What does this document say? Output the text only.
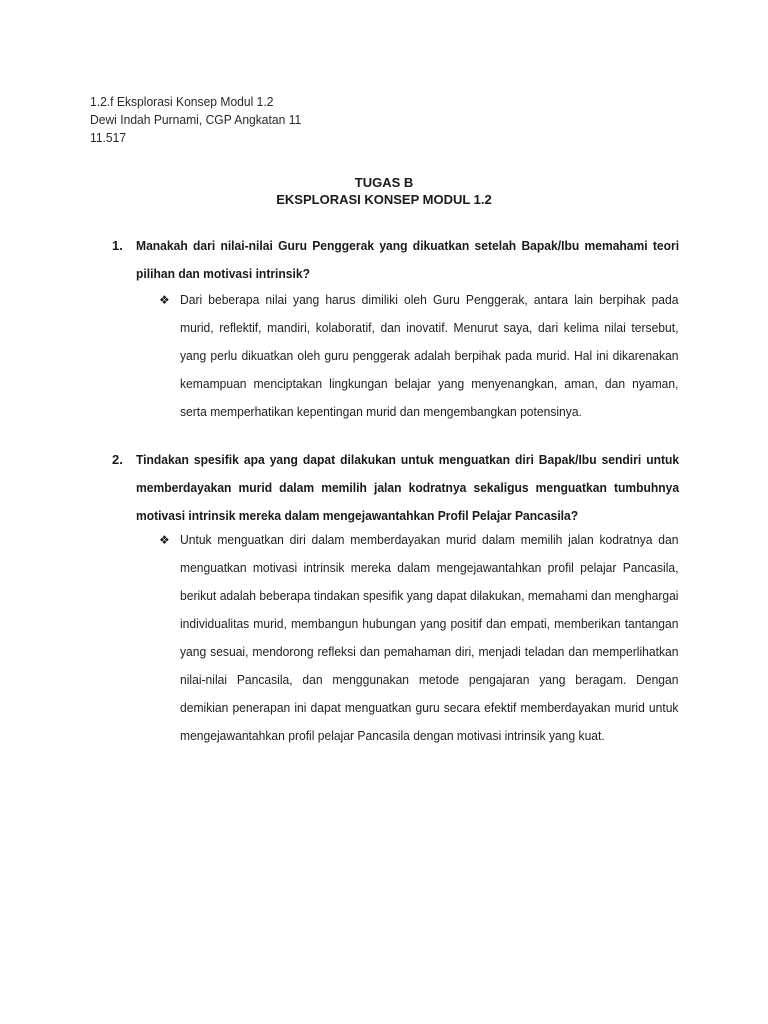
1.2.f Eksplorasi Konsep Modul 1.2
Dewi Indah Purnami, CGP Angkatan 11
11.517
TUGAS B
EKSPLORASI KONSEP MODUL 1.2
1. Manakah dari nilai-nilai Guru Penggerak yang dikuatkan setelah Bapak/Ibu memahami teori pilihan dan motivasi intrinsik?
❖ Dari beberapa nilai yang harus dimiliki oleh Guru Penggerak, antara lain berpihak pada murid, reflektif, mandiri, kolaboratif, dan inovatif. Menurut saya, dari kelima nilai tersebut, yang perlu dikuatkan oleh guru penggerak adalah berpihak pada murid. Hal ini dikarenakan kemampuan menciptakan lingkungan belajar yang menyenangkan, aman, dan nyaman, serta memperhatikan kepentingan murid dan mengembangkan potensinya.
2. Tindakan spesifik apa yang dapat dilakukan untuk menguatkan diri Bapak/Ibu sendiri untuk memberdayakan murid dalam memilih jalan kodratnya sekaligus menguatkan tumbuhnya motivasi intrinsik mereka dalam mengejawantahkan Profil Pelajar Pancasila?
❖ Untuk menguatkan diri dalam memberdayakan murid dalam memilih jalan kodratnya dan menguatkan motivasi intrinsik mereka dalam mengejawantahkan profil pelajar Pancasila, berikut adalah beberapa tindakan spesifik yang dapat dilakukan, memahami dan menghargai individualitas murid, membangun hubungan yang positif dan empati, memberikan tantangan yang sesuai, mendorong refleksi dan pemahaman diri, menjadi teladan dan memperlihatkan nilai-nilai Pancasila, dan menggunakan metode pengajaran yang beragam. Dengan demikian penerapan ini dapat menguatkan guru secara efektif memberdayakan murid untuk mengejawantahkan profil pelajar Pancasila dengan motivasi intrinsik yang kuat.
